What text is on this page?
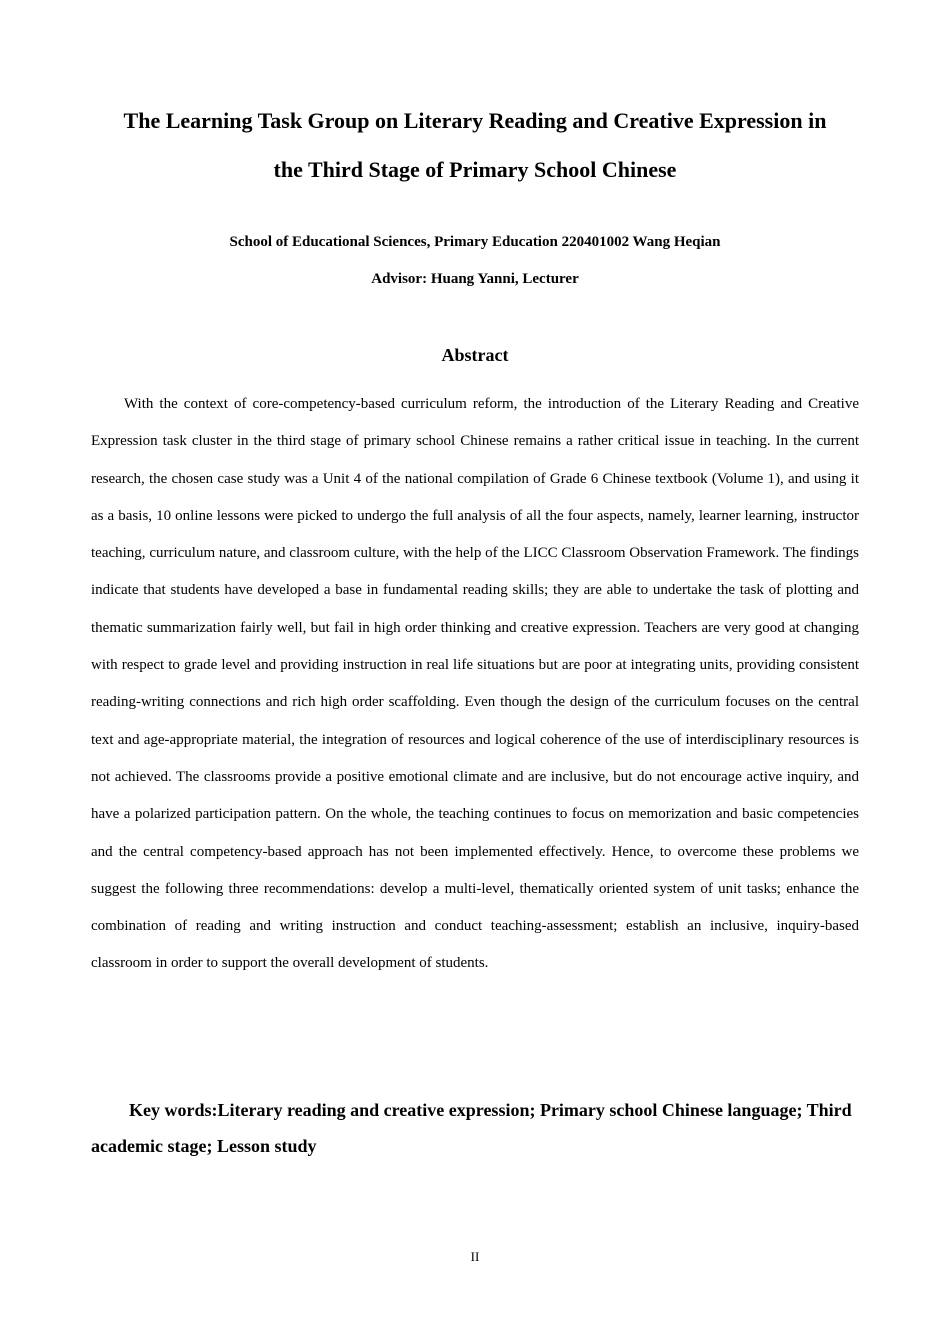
The Learning Task Group on Literary Reading and Creative Expression in
the Third Stage of Primary School Chinese
School of Educational Sciences, Primary Education 220401002 Wang Heqian
Advisor: Huang Yanni, Lecturer
Abstract

With the context of core-competency-based curriculum reform, the introduction of the Literary Reading and Creative Expression task cluster in the third stage of primary school Chinese remains a rather critical issue in teaching. In the current research, the chosen case study was a Unit 4 of the national compilation of Grade 6 Chinese textbook (Volume 1), and using it as a basis, 10 online lessons were picked to undergo the full analysis of all the four aspects, namely, learner learning, instructor teaching, curriculum nature, and classroom culture, with the help of the LICC Classroom Observation Framework. The findings indicate that students have developed a base in fundamental reading skills; they are able to undertake the task of plotting and thematic summarization fairly well, but fail in high order thinking and creative expression. Teachers are very good at changing with respect to grade level and providing instruction in real life situations but are poor at integrating units, providing consistent reading-writing connections and rich high order scaffolding. Even though the design of the curriculum focuses on the central text and age-appropriate material, the integration of resources and logical coherence of the use of interdisciplinary resources is not achieved. The classrooms provide a positive emotional climate and are inclusive, but do not encourage active inquiry, and have a polarized participation pattern. On the whole, the teaching continues to focus on memorization and basic competencies and the central competency-based approach has not been implemented effectively. Hence, to overcome these problems we suggest the following three recommendations: develop a multi-level, thematically oriented system of unit tasks; enhance the combination of reading and writing instruction and conduct teaching-assessment; establish an inclusive, inquiry-based classroom in order to support the overall development of students.

Key words:Literary reading and creative expression; Primary school Chinese language; Third academic stage; Lesson study

II
